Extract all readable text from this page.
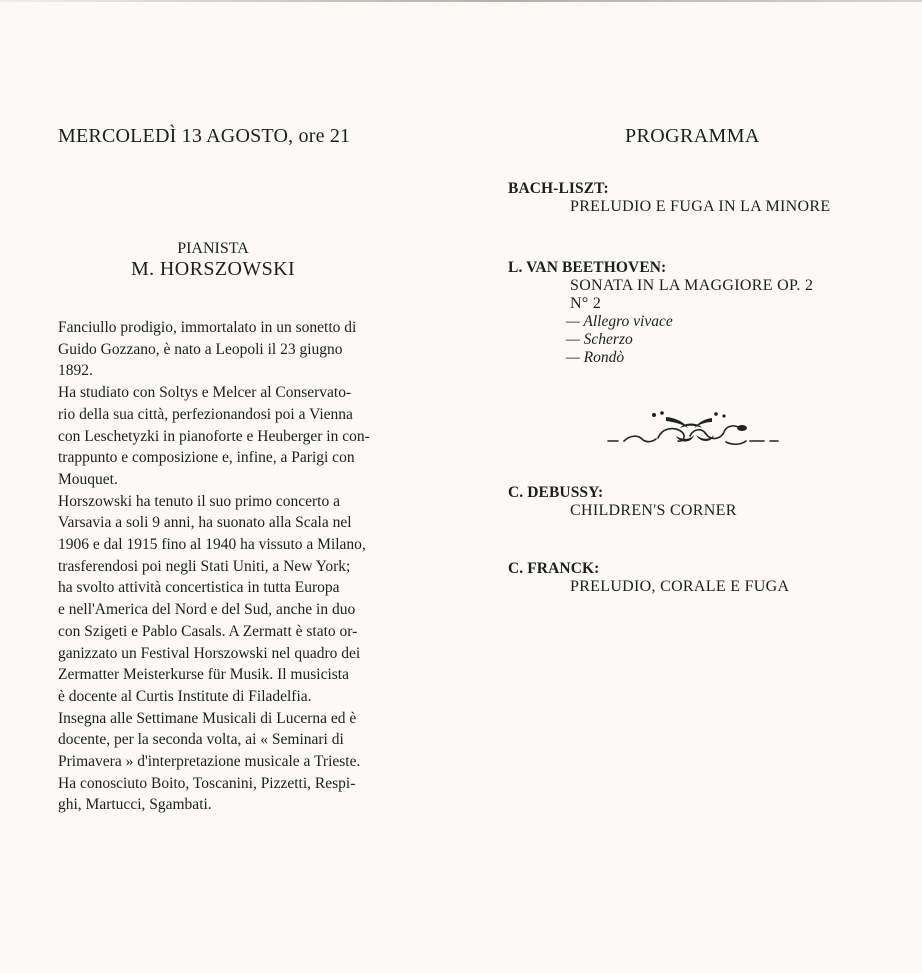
MERCOLEDÌ 13 AGOSTO, ore 21
PIANISTA
M. HORSZOWSKI

Fanciullo prodigio, immortalato in un sonetto di

Guido Gozzano, è nato a Leopoli il 23 giugno

1892.

Ha studiato con Soltys e Melcer al Conservato-

rio della sua città, perfezionandosi poi a Vienna

con Leschetyzki in pianoforte e Heuberger in con-

trappunto e composizione e, infine, a Parigi con

Mouquet.

Horszowski ha tenuto il suo primo concerto a

Varsavia a soli 9 anni, ha suonato alla Scala nel

1906 e dal 1915 fino al 1940 ha vissuto a Milano,

trasferendosi poi negli Stati Uniti, a New York;

ha svolto attività concertistica in tutta Europa

e nell'America del Nord e del Sud, anche in duo

con Szigeti e Pablo Casals. A Zermatt è stato or-

ganizzato un Festival Horszowski nel quadro dei

Zermatter Meisterkurse für Musik. Il musicista

è docente al Curtis Institute di Filadelfia.

Insegna alle Settimane Musicali di Lucerna ed è

docente, per la seconda volta, ai « Seminari di

Primavera » d'interpretazione musicale a Trieste.

Ha conosciuto Boito, Toscanini, Pizzetti, Respi-

ghi, Martucci, Sgambati.

PROGRAMMA
BACH-LISZT:
PRELUDIO E FUGA IN LA MINORE
L. VAN BEETHOVEN:
SONATA IN LA MAGGIORE OP. 2
N° 2
— Allegro vivace
— Scherzo
— Rondò
C. DEBUSSY:
CHILDREN'S CORNER
C. FRANCK:
PRELUDIO, CORALE E FUGA
